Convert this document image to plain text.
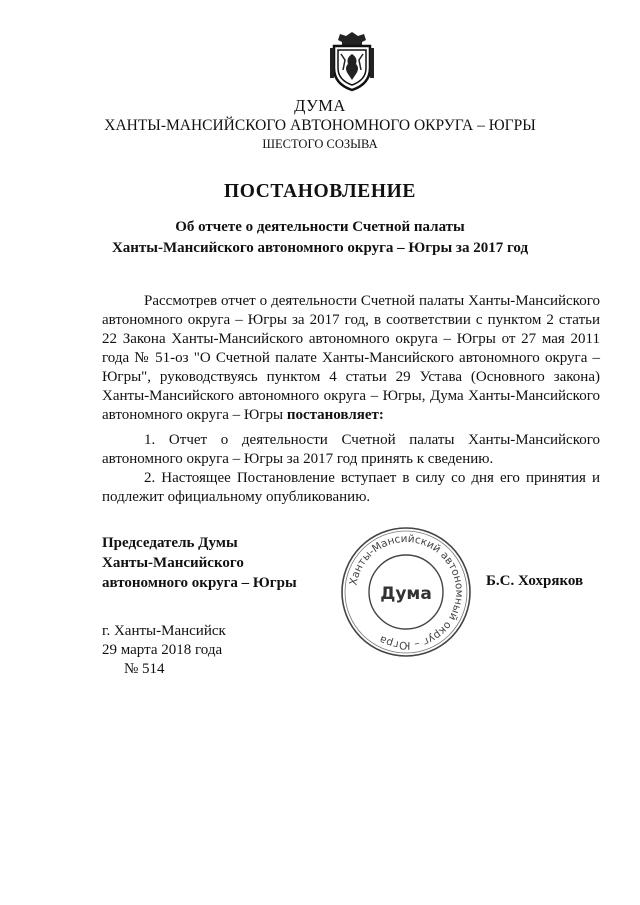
ДУМА
ХАНТЫ-МАНСИЙСКОГО АВТОНОМНОГО ОКРУГА – ЮГРЫ
ШЕСТОГО СОЗЫВА
ПОСТАНОВЛЕНИЕ
Об отчете о деятельности Счетной палаты
Ханты-Мансийского автономного округа – Югры за 2017 год
Рассмотрев отчет о деятельности Счетной палаты Ханты-Мансийского автономного округа – Югры за 2017 год, в соответствии с пунктом 2 статьи 22 Закона Ханты-Мансийского автономного округа – Югры от 27 мая 2011 года № 51-оз "О Счетной палате Ханты-Мансийского автономного округа – Югры", руководствуясь пунктом 4 статьи 29 Устава (Основного закона) Ханты-Мансийского автономного округа – Югры, Дума Ханты-Мансийского автономного округа – Югры постановляет:

1. Отчет о деятельности Счетной палаты Ханты-Мансийского автономного округа – Югры за 2017 год принять к сведению.

2. Настоящее Постановление вступает в силу со дня его принятия и подлежит официальному опубликованию.

Председатель Думы
Ханты-Мансийского
автономного округа – Югры	Ханты-Мансийский автономный округ – Югра
Дума
Б.С. Хохряков
г. Ханты-Мансийск
29 марта 2018 года
№ 514
